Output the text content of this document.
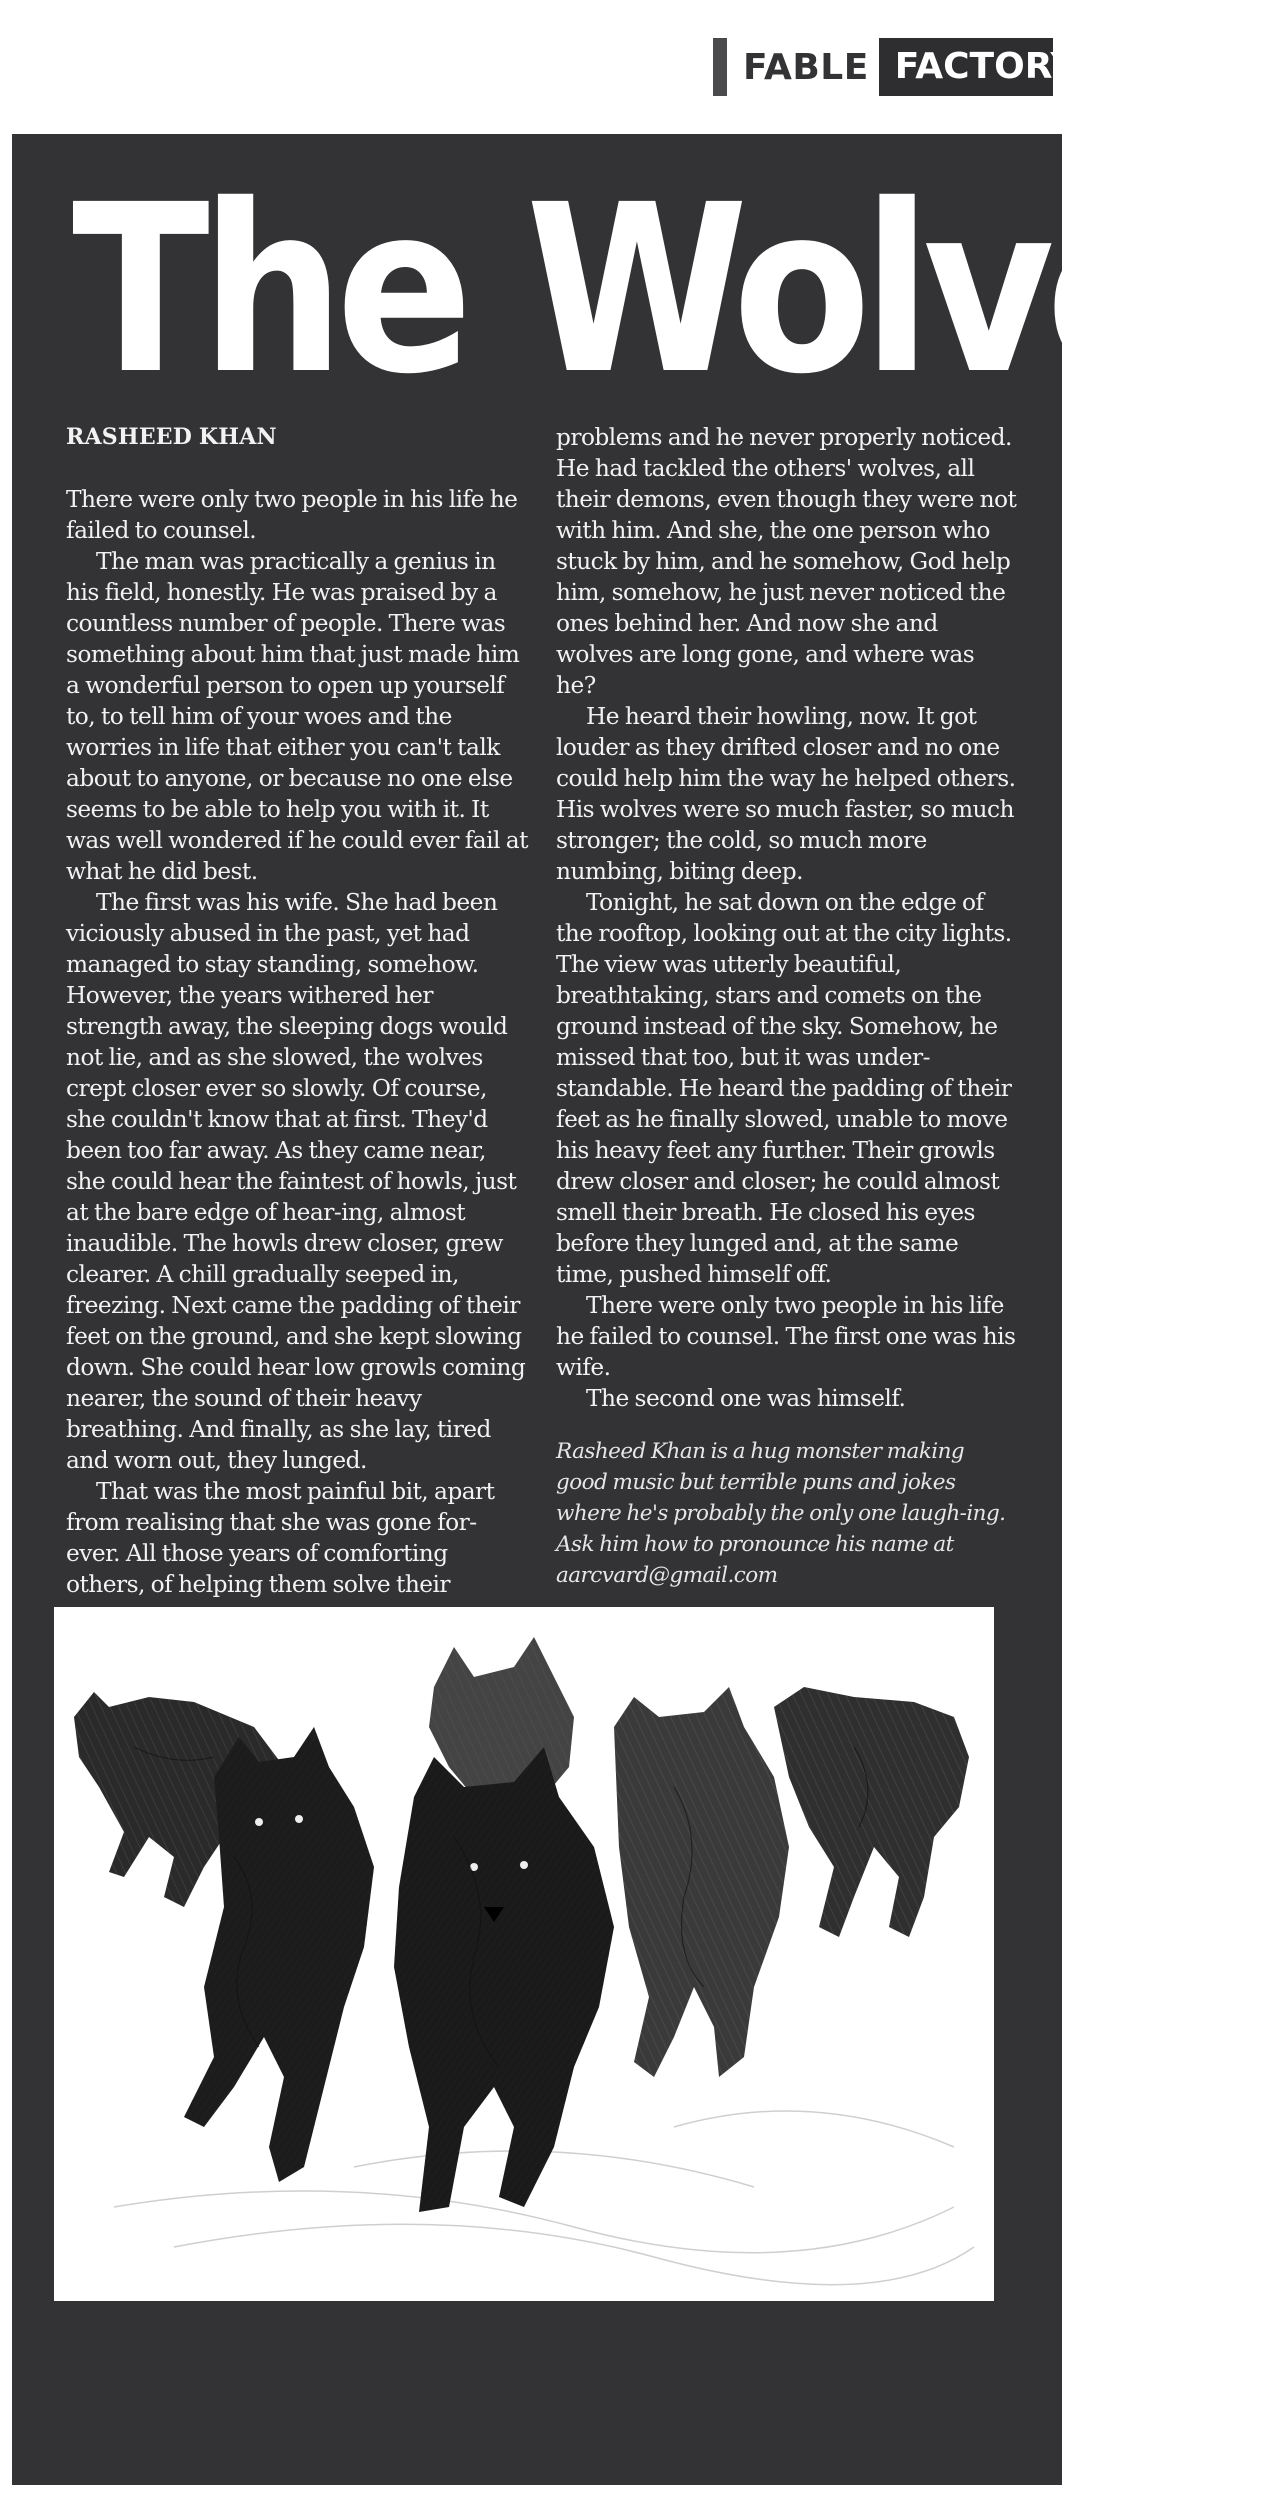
FABLE FACTORY
The Wolves

RASHEED KHAN

There were only two people in his life he failed to counsel.

The man was practically a genius in his field, honestly. He was praised by a countless number of people. There was something about him that just made him a wonderful person to open up yourself to, to tell him of your woes and the worries in life that either you can't talk about to anyone, or because no one else seems to be able to help you with it. It was well wondered if he could ever fail at what he did best.

The first was his wife. She had been viciously abused in the past, yet had managed to stay standing, somehow. However, the years withered her strength away, the sleeping dogs would not lie, and as she slowed, the wolves crept closer ever so slowly. Of course, she couldn't know that at first. They'd been too far away. As they came near, she could hear the faintest of howls, just at the bare edge of hear-ing, almost inaudible. The howls drew closer, grew clearer. A chill gradually seeped in, freezing. Next came the padding of their feet on the ground, and she kept slowing down. She could hear low growls coming nearer, the sound of their heavy breathing. And finally, as she lay, tired and worn out, they lunged.

That was the most painful bit, apart from realising that she was gone for-ever. All those years of comforting others, of helping them solve their

problems and he never properly noticed. He had tackled the others' wolves, all their demons, even though they were not with him. And she, the one person who stuck by him, and he somehow, God help him, somehow, he just never noticed the ones behind her. And now she and wolves are long gone, and where was he?

He heard their howling, now. It got louder as they drifted closer and no one could help him the way he helped others. His wolves were so much faster, so much stronger; the cold, so much more numbing, biting deep.

Tonight, he sat down on the edge of the rooftop, looking out at the city lights. The view was utterly beautiful, breathtaking, stars and comets on the ground instead of the sky. Somehow, he missed that too, but it was under-standable. He heard the padding of their feet as he finally slowed, unable to move his heavy feet any further. Their growls drew closer and closer; he could almost smell their breath. He closed his eyes before they lunged and, at the same time, pushed himself off.

There were only two people in his life he failed to counsel. The first one was his wife.

The second one was himself.

Rasheed Khan is a hug monster making good music but terrible puns and jokes where he's probably the only one laugh-ing. Ask him how to pronounce his name at aarcvard@gmail.com
